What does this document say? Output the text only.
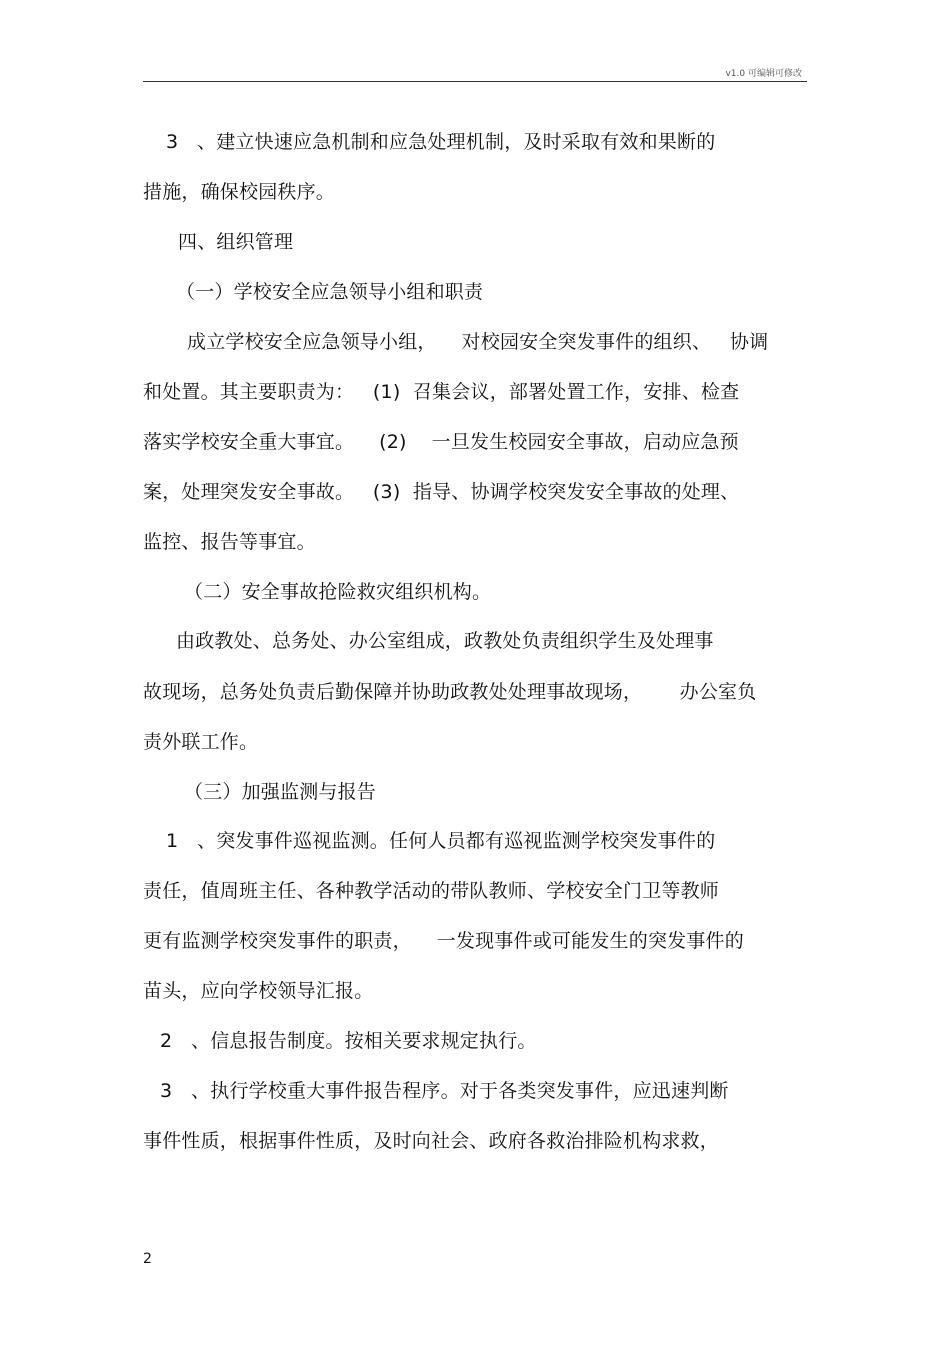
v1.0 可编辑可修改
3   、建立快速应急机制和应急处理机制，及时采取有效和果断的
措施，确保校园秩序。
四、组织管理
（一）学校安全应急领导小组和职责
成立学校安全应急领导小组，    对校园安全突发事件的组织、   协调
和处置。其主要职责为：   (1)  召集会议，部署处置工作，安排、检查
落实学校安全重大事宜。    (2)    一旦发生校园安全事故，启动应急预
案，处理突发安全事故。   (3)  指导、协调学校突发安全事故的处理、
监控、报告等事宜。
（二）安全事故抢险救灾组织机构。
由政教处、总务处、办公室组成，政教处负责组织学生及处理事
故现场，总务处负责后勤保障并协助政教处处理事故现场，      办公室负
责外联工作。
（三）加强监测与报告
1   、突发事件巡视监测。任何人员都有巡视监测学校突发事件的
责任，值周班主任、各种教学活动的带队教师、学校安全门卫等教师
更有监测学校突发事件的职责，    一发现事件或可能发生的突发事件的
苗头，应向学校领导汇报。
2   、信息报告制度。按相关要求规定执行。
3   、执行学校重大事件报告程序。对于各类突发事件，应迅速判断
事件性质，根据事件性质，及时向社会、政府各救治排险机构求救，
2
